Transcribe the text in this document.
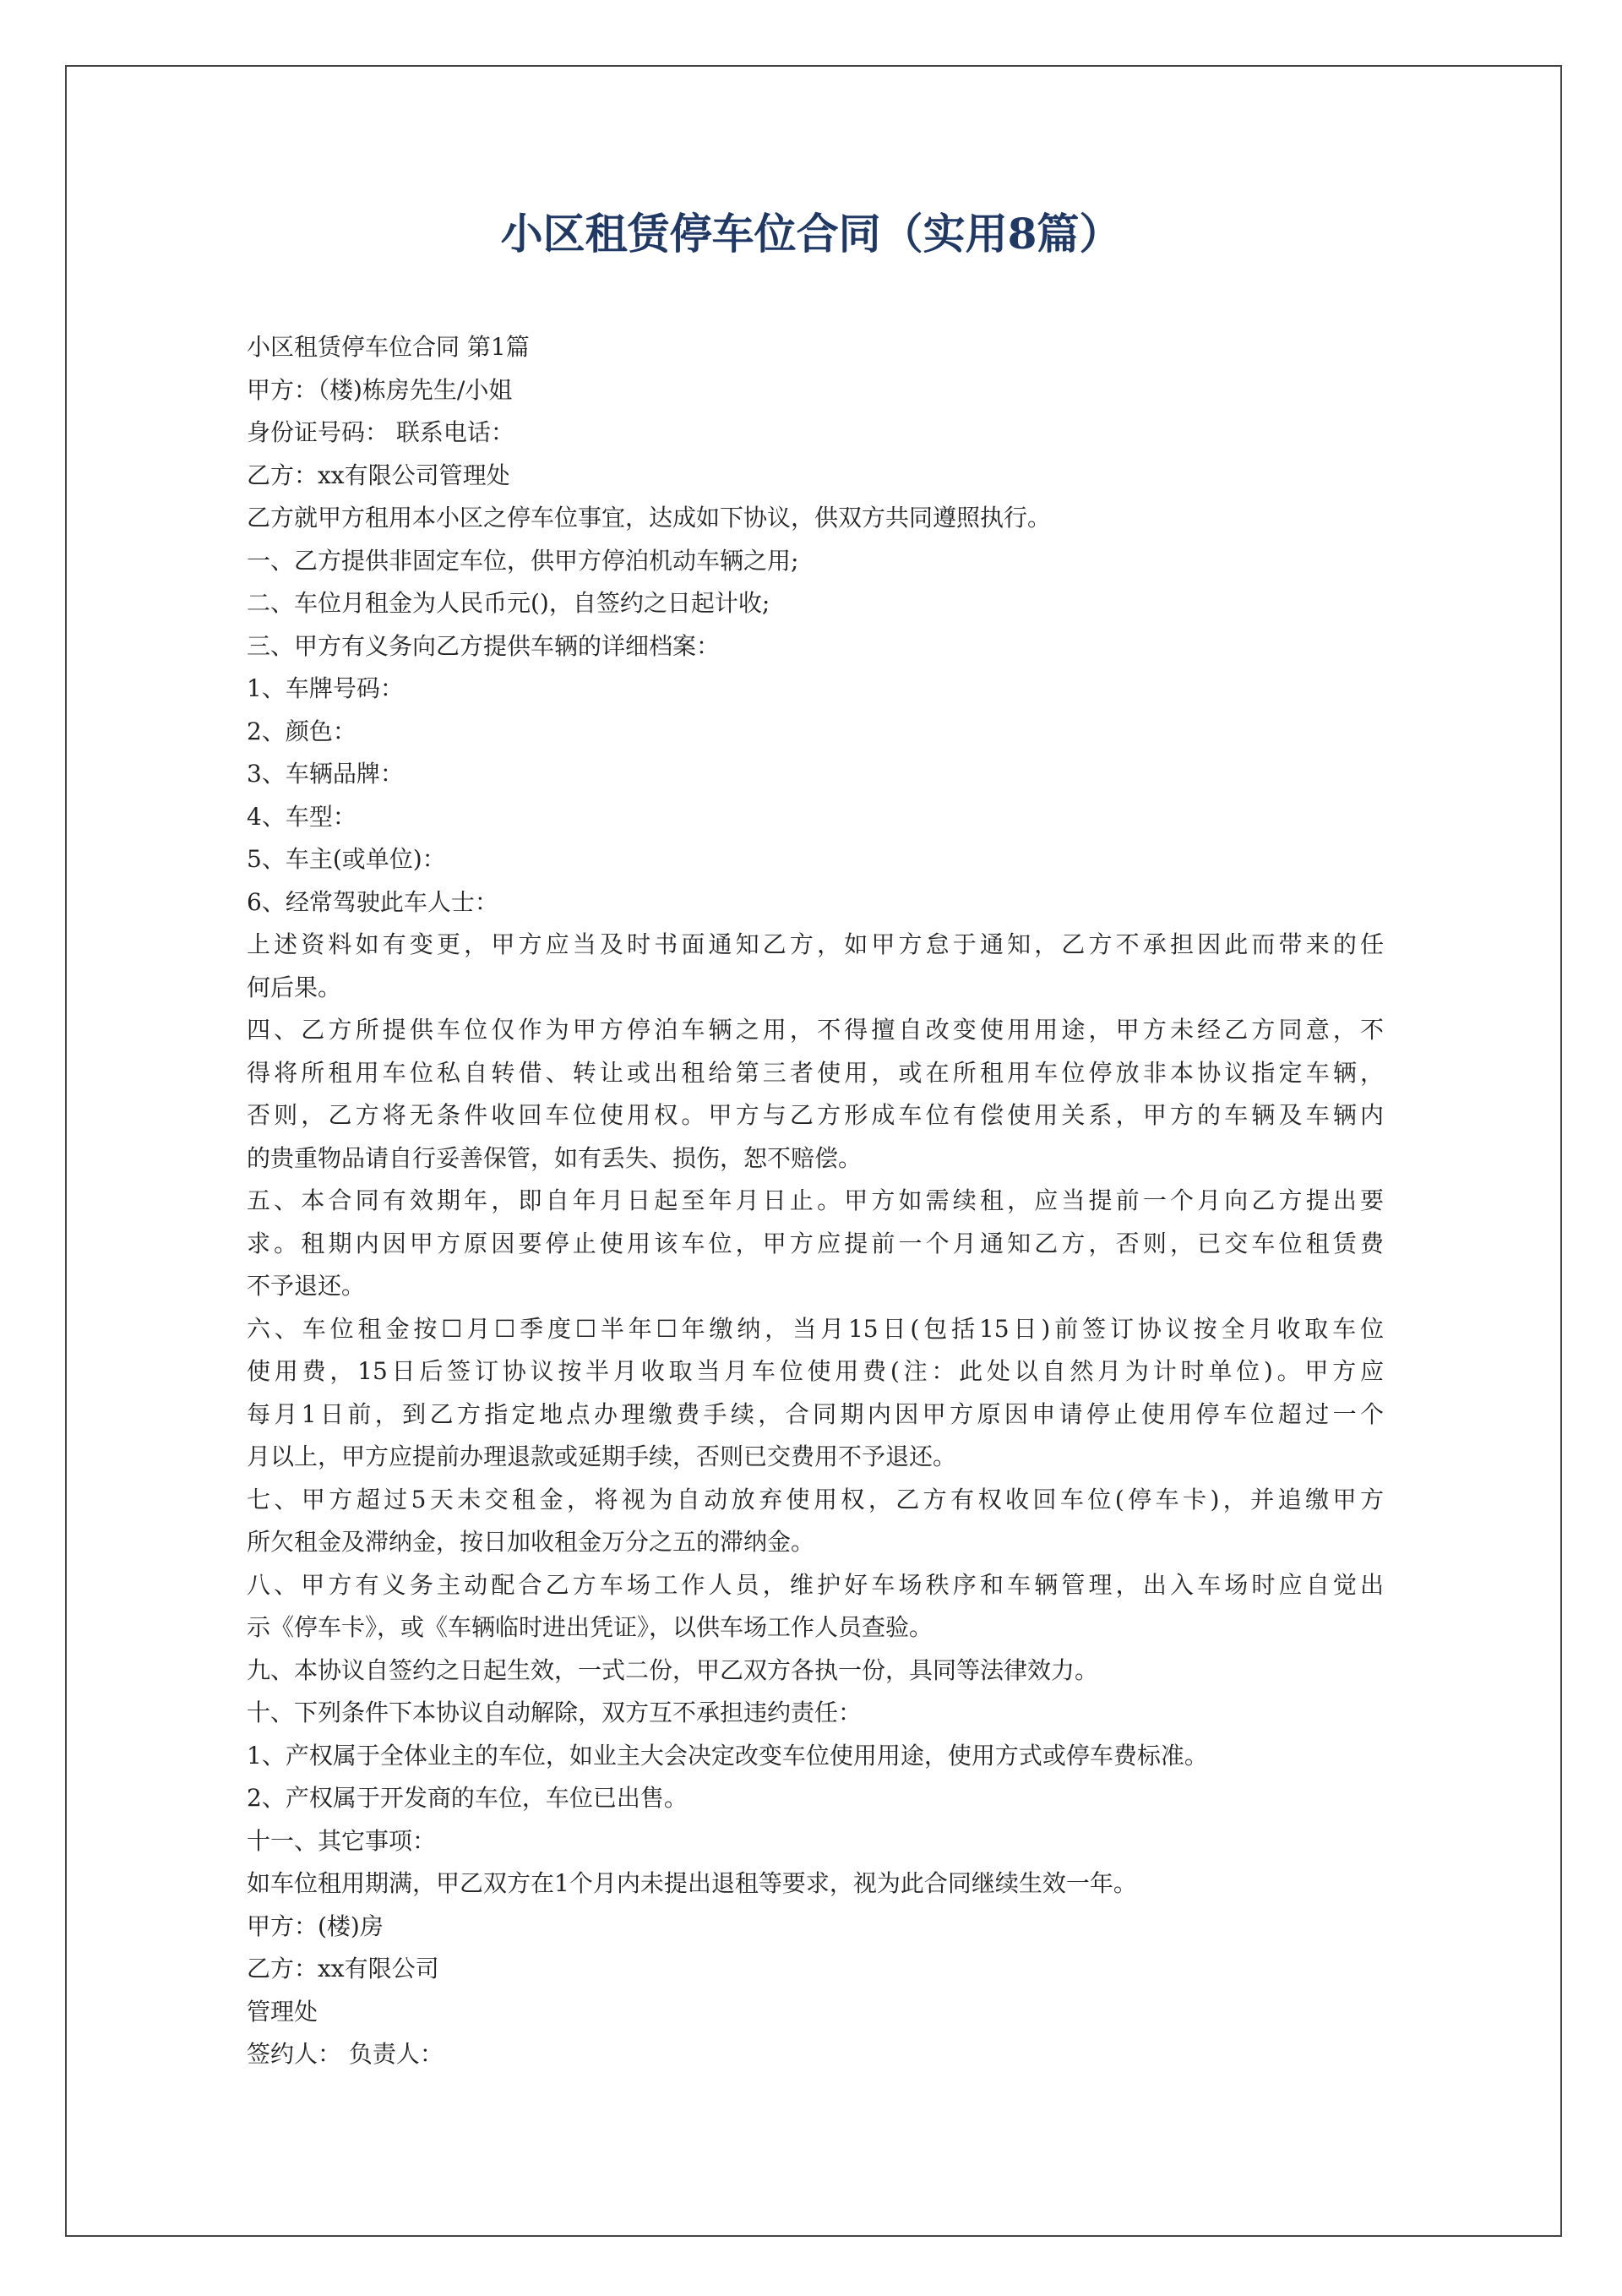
小区租赁停车位合同（实用8篇）
小区租赁停车位合同 第1篇
甲方：（楼)栋房先生/小姐
身份证号码： 联系电话：
乙方：xx有限公司管理处
乙方就甲方租用本小区之停车位事宜，达成如下协议，供双方共同遵照执行。
一、乙方提供非固定车位，供甲方停泊机动车辆之用;
二、车位月租金为人民币元()，自签约之日起计收;
三、甲方有义务向乙方提供车辆的详细档案：
1、车牌号码：
2、颜色：
3、车辆品牌：
4、车型：
5、车主(或单位)：
6、经常驾驶此车人士：
上述资料如有变更，甲方应当及时书面通知乙方，如甲方怠于通知，乙方不承担因此而带来的任
何后果。
四、乙方所提供车位仅作为甲方停泊车辆之用，不得擅自改变使用用途，甲方未经乙方同意，不
得将所租用车位私自转借、转让或出租给第三者使用，或在所租用车位停放非本协议指定车辆，
否则，乙方将无条件收回车位使用权。甲方与乙方形成车位有偿使用关系，甲方的车辆及车辆内
的贵重物品请自行妥善保管，如有丢失、损伤，恕不赔偿。
五、本合同有效期年，即自年月日起至年月日止。甲方如需续租，应当提前一个月向乙方提出要
求。租期内因甲方原因要停止使用该车位，甲方应提前一个月通知乙方，否则，已交车位租赁费
不予退还。
六、车位租金按☐月☐季度☐半年☐年缴纳，当月15日(包括15日)前签订协议按全月收取车位
使用费，15日后签订协议按半月收取当月车位使用费(注：此处以自然月为计时单位)。甲方应
每月1日前，到乙方指定地点办理缴费手续，合同期内因甲方原因申请停止使用停车位超过一个
月以上，甲方应提前办理退款或延期手续，否则已交费用不予退还。
七、甲方超过5天未交租金，将视为自动放弃使用权，乙方有权收回车位(停车卡)，并追缴甲方
所欠租金及滞纳金，按日加收租金万分之五的滞纳金。
八、甲方有义务主动配合乙方车场工作人员，维护好车场秩序和车辆管理，出入车场时应自觉出
示《停车卡》，或《车辆临时进出凭证》，以供车场工作人员查验。
九、本协议自签约之日起生效，一式二份，甲乙双方各执一份，具同等法律效力。
十、下列条件下本协议自动解除，双方互不承担违约责任：
1、产权属于全体业主的车位，如业主大会决定改变车位使用用途，使用方式或停车费标准。
2、产权属于开发商的车位，车位已出售。
十一、其它事项：
如车位租用期满，甲乙双方在1个月内未提出退租等要求，视为此合同继续生效一年。
甲方：(楼)房
乙方：xx有限公司
管理处
签约人： 负责人：
